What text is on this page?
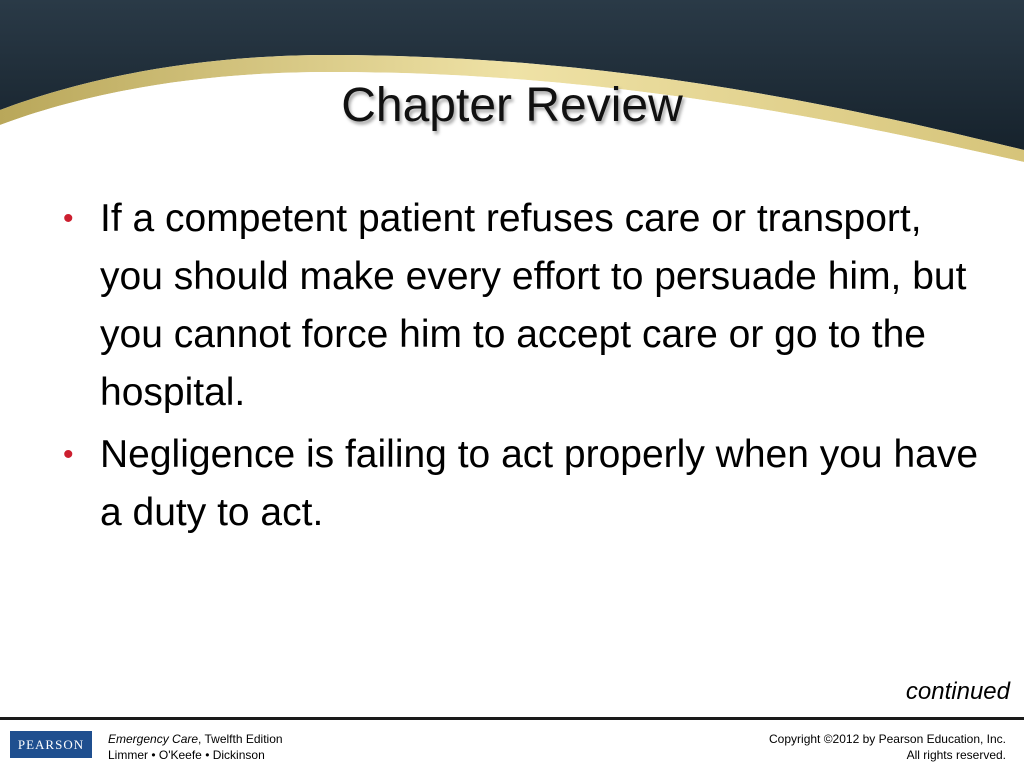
Chapter Review
• If a competent patient refuses care or transport, you should make every effort to persuade him, but you cannot force him to accept care or go to the hospital.
• Negligence is failing to act properly when you have a duty to act.
continued
PEARSON	Emergency Care, Twelfth Edition
Limmer • O'Keefe • Dickinson
Copyright ©2012 by Pearson Education, Inc.
All rights reserved.
